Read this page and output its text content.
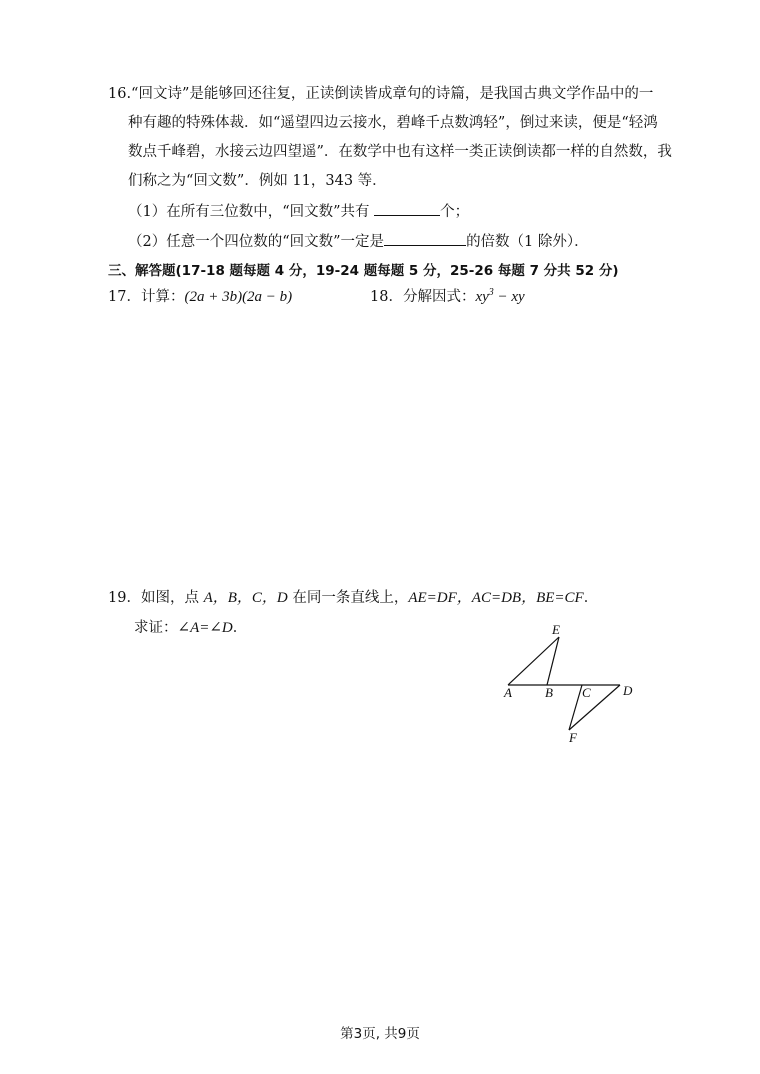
16.“回文诗”是能够回还往复，正读倒读皆成章句的诗篇，是我国古典文学作品中的一
种有趣的特殊体裁．如“遥望四边云接水，碧峰千点数鸿轻”，倒过来读，便是“轻鸿
数点千峰碧，水接云边四望遥”．在数学中也有这样一类正读倒读都一样的自然数，我
们称之为“回文数”．例如 11，343 等．
（1）在所有三位数中，“回文数”共有	个；
（2）任意一个四位数的“回文数”一定是	的倍数（1 除外）．
三、解答题(17-18 题每题 4 分，19-24 题每题 5 分，25-26 每题 7 分共 52 分)
17．计算：(2a + 3b)(2a − b)	18．分解因式：$xy^3$ − xy
19．如图，点 A，B，C，D 在同一条直线上，AE=DF，AC=DB，BE=CF．
求证：∠A=∠D．	E
A	B C D
F
第3页, 共9页
